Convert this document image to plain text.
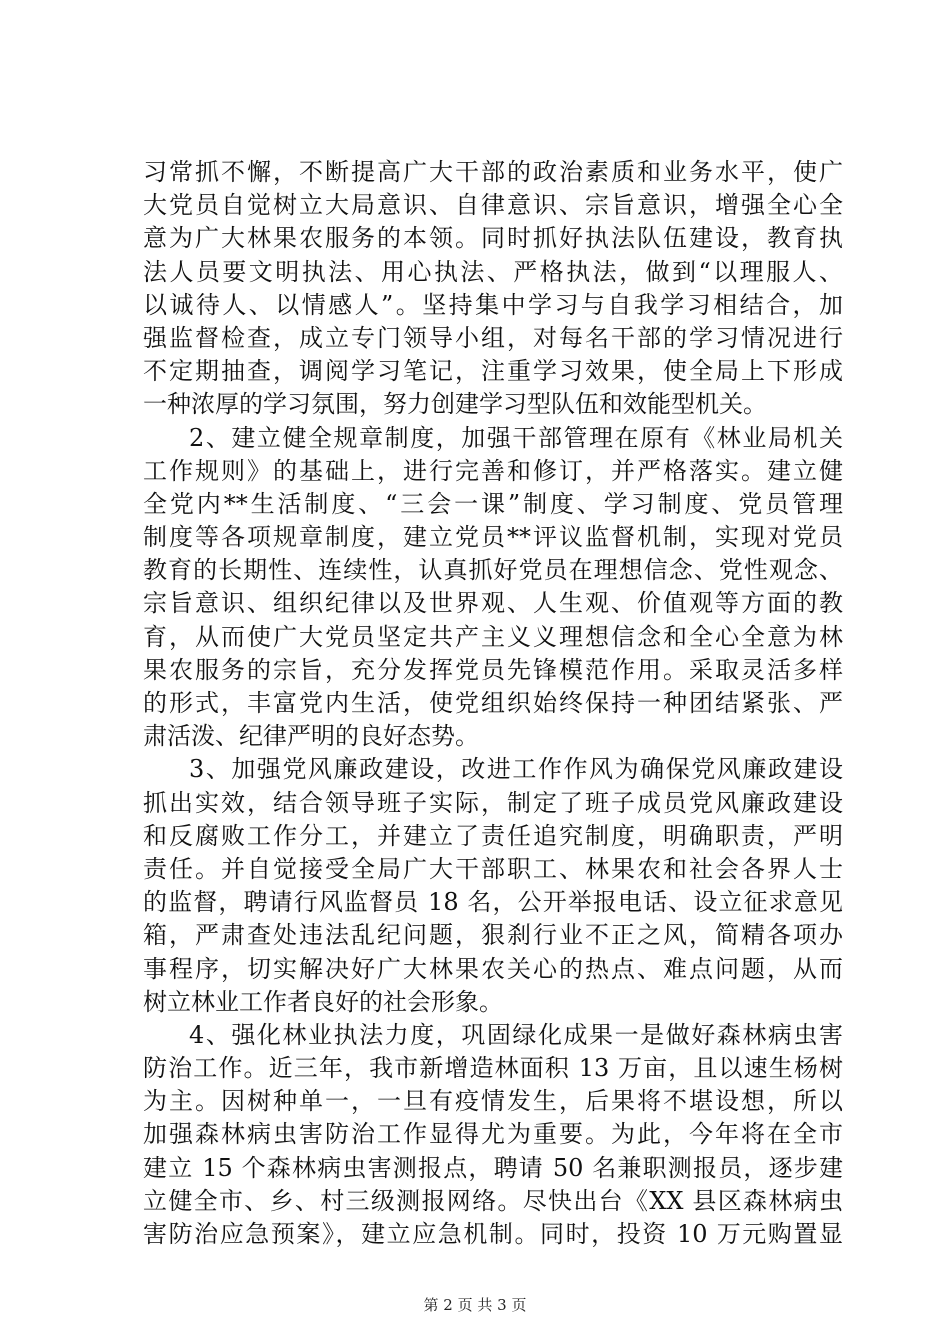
习常抓不懈，不断提高广大干部的政治素质和业务水平，使广
大党员自觉树立大局意识、自律意识、宗旨意识，增强全心全
意为广大林果农服务的本领。同时抓好执法队伍建设，教育执
法人员要文明执法、用心执法、严格执法，做到“以理服人、
以诚待人、以情感人”。坚持集中学习与自我学习相结合，加
强监督检查，成立专门领导小组，对每名干部的学习情况进行
不定期抽查，调阅学习笔记，注重学习效果，使全局上下形成
一种浓厚的学习氛围，努力创建学习型队伍和效能型机关。
2、建立健全规章制度，加强干部管理在原有《林业局机关
工作规则》的基础上，进行完善和修订，并严格落实。建立健
全党内**生活制度、“三会一课”制度、学习制度、党员管理
制度等各项规章制度，建立党员**评议监督机制，实现对党员
教育的长期性、连续性，认真抓好党员在理想信念、党性观念、
宗旨意识、组织纪律以及世界观、人生观、价值观等方面的教
育，从而使广大党员坚定共产主义义理想信念和全心全意为林
果农服务的宗旨，充分发挥党员先锋模范作用。采取灵活多样
的形式，丰富党内生活，使党组织始终保持一种团结紧张、严
肃活泼、纪律严明的良好态势。
3、加强党风廉政建设，改进工作作风为确保党风廉政建设
抓出实效，结合领导班子实际，制定了班子成员党风廉政建设
和反腐败工作分工，并建立了责任追究制度，明确职责，严明
责任。并自觉接受全局广大干部职工、林果农和社会各界人士
的监督，聘请行风监督员 18 名，公开举报电话、设立征求意见
箱，严肃查处违法乱纪问题，狠刹行业不正之风，简精各项办
事程序，切实解决好广大林果农关心的热点、难点问题，从而
树立林业工作者良好的社会形象。
4、强化林业执法力度，巩固绿化成果一是做好森林病虫害
防治工作。近三年，我市新增造林面积 13 万亩，且以速生杨树
为主。因树种单一，一旦有疫情发生，后果将不堪设想，所以
加强森林病虫害防治工作显得尤为重要。为此，今年将在全市
建立 15 个森林病虫害测报点，聘请 50 名兼职测报员，逐步建
立健全市、乡、村三级测报网络。尽快出台《XX 县区森林病虫
害防治应急预案》，建立应急机制。同时，投资 10 万元购置显
第 2 页 共 3 页
